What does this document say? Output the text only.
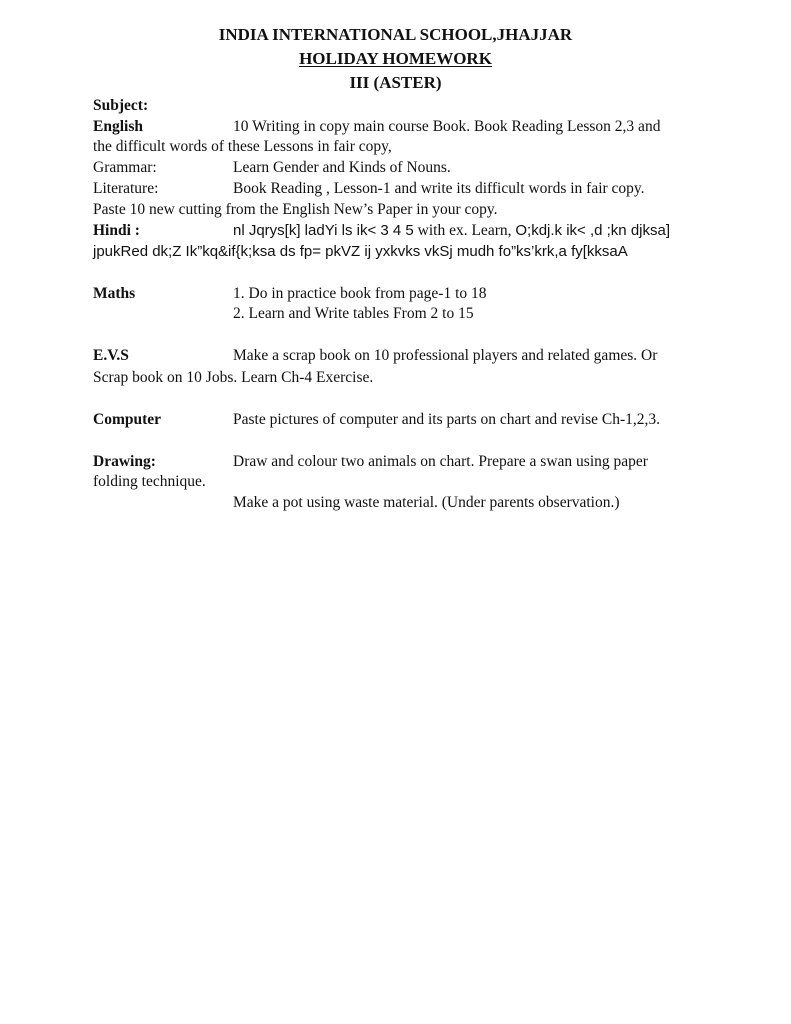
INDIA INTERNATIONAL SCHOOL,JHAJJAR
HOLIDAY HOMEWORK
III (ASTER)
Subject:
English	10 Writing in copy main course Book. Book Reading Lesson 2,3 and
the difficult words of these Lessons in fair copy,
Grammar:	Learn Gender and Kinds of Nouns.
Literature:	Book Reading , Lesson-1 and write its difficult words in fair copy.
Paste 10 new cutting from the English New’s Paper in your copy.
Hindi :	nl Jqrys[k] ladYi ls ik< 3 4 5 with ex. Learn, O;kdj.k ik< ,d ;kn djksa]
jpukRed dk;Z Ik”kq&if{k;ksa ds fp= pkVZ ij yxkvks vkSj mudh fo”ks’krk,a fy[kksaA
Maths	1. Do in practice book from page-1 to 18
2. Learn and Write tables From 2 to 15
E.V.S	Make a scrap book on 10 professional players and related games. Or
Scrap book on 10 Jobs. Learn Ch-4 Exercise.
Computer	Paste pictures of computer and its parts on chart and revise Ch-1,2,3.
Drawing:	Draw and colour two animals on chart. Prepare a swan using paper
folding technique.
Make a pot using waste material. (Under parents observation.)
